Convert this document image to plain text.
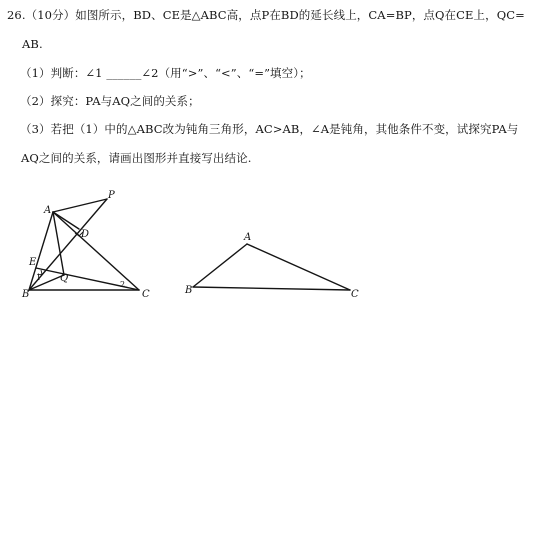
26.（10分）如图所示，BD、CE是△ABC高，点P在BD的延长线上，CA=BP，点Q在CE上，QC=
AB.
（1）判断：∠1 ______∠2（用“>”、“<”、“=”填空）；
（2）探究：PA与AQ之间的关系；
（3）若把（1）中的△ABC改为钝角三角形，AC>AB，∠A是钝角，其他条件不变，试探究PA与
AQ之间的关系，请画出图形并直接写出结论.
A
P
D
E
Q
B	C
1
2
A
B	C
